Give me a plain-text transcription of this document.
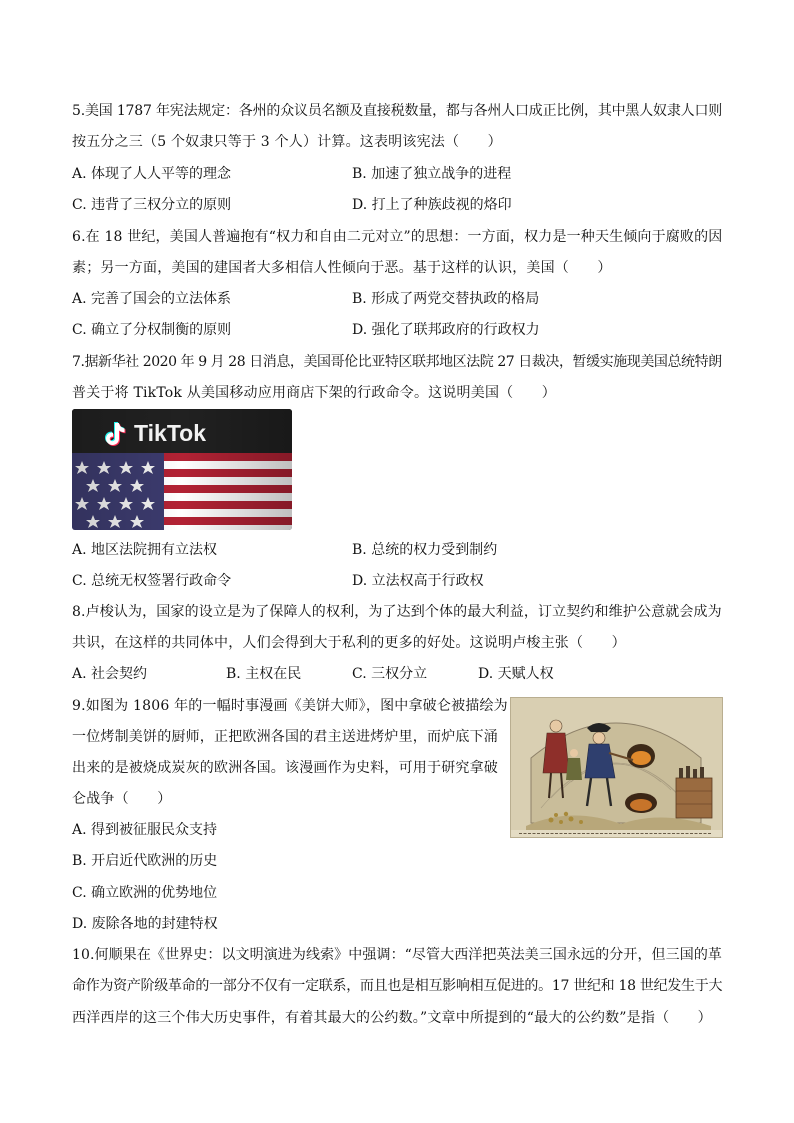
5.美国 1787 年宪法规定：各州的众议员名额及直接税数量，都与各州人口成正比例，其中黑人奴隶人口则
按五分之三（5 个奴隶只等于 3 个人）计算。这表明该宪法（　　）
A. 体现了人人平等的理念	B. 加速了独立战争的进程
C. 违背了三权分立的原则	D. 打上了种族歧视的烙印
6.在 18 世纪，美国人普遍抱有“权力和自由二元对立”的思想：一方面，权力是一种天生倾向于腐败的因
素；另一方面，美国的建国者大多相信人性倾向于恶。基于这样的认识，美国（　　）
A. 完善了国会的立法体系	B. 形成了两党交替执政的格局
C. 确立了分权制衡的原则	D. 强化了联邦政府的行政权力
7.据新华社 2020 年 9 月 28 日消息，美国哥伦比亚特区联邦地区法院 27 日裁决，暂缓实施现美国总统特朗
普关于将 TikTok 从美国移动应用商店下架的行政命令。这说明美国（　　）
TikTok
A. 地区法院拥有立法权	B. 总统的权力受到制约
C. 总统无权签署行政命令	D. 立法权高于行政权
8.卢梭认为，国家的设立是为了保障人的权利，为了达到个体的最大利益，订立契约和维护公意就会成为
共识，在这样的共同体中，人们会得到大于私利的更多的好处。这说明卢梭主张（　　）
A. 社会契约	B. 主权在民	C. 三权分立	D. 天赋人权
9.如图为 1806 年的一幅时事漫画《美饼大师》，图中拿破仑被描绘为
一位烤制美饼的厨师，正把欧洲各国的君主送进烤炉里，而炉底下涌
出来的是被烧成炭灰的欧洲各国。该漫画作为史料，可用于研究拿破
仑战争（　　）
A. 得到被征服民众支持
B. 开启近代欧洲的历史
C. 确立欧洲的优势地位
D. 废除各地的封建特权
10.何顺果在《世界史：以文明演进为线索》中强调：“尽管大西洋把英法美三国永远的分开，但三国的革
命作为资产阶级革命的一部分不仅有一定联系，而且也是相互影响相互促进的。17 世纪和 18 世纪发生于大
西洋西岸的这三个伟大历史事件，有着其最大的公约数。”文章中所提到的“最大的公约数”是指（　　）
